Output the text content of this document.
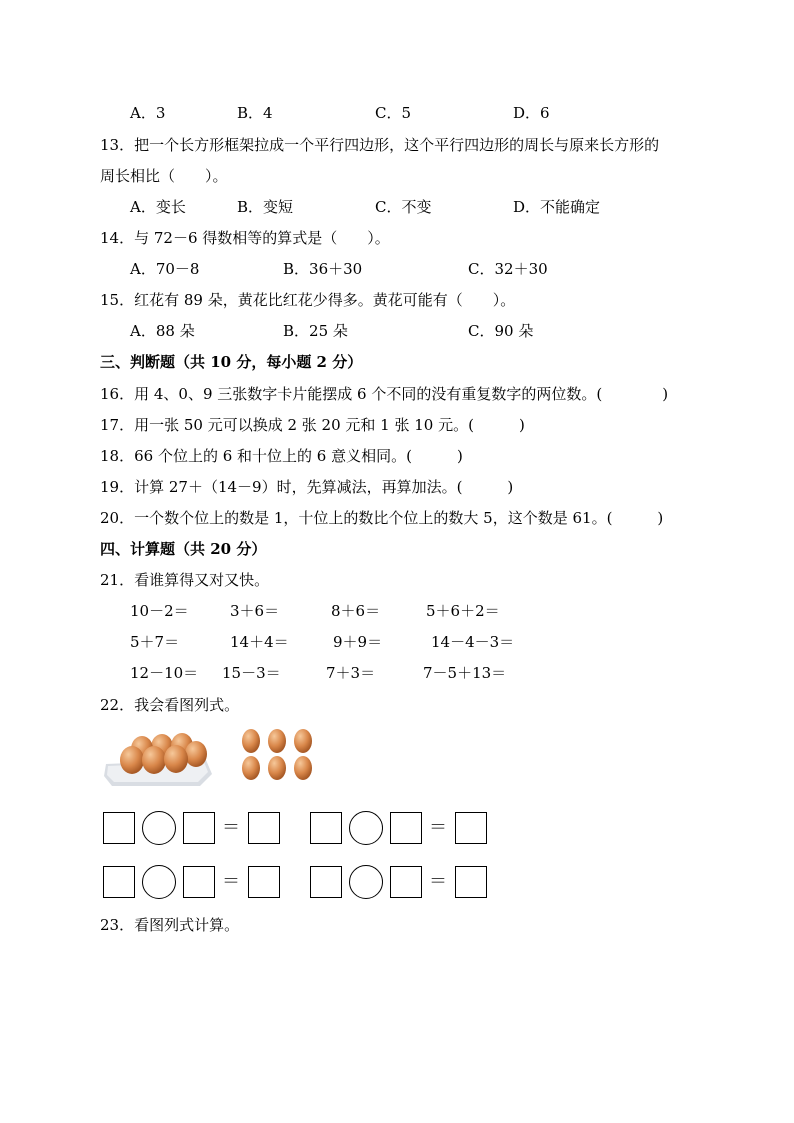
A．3	B．4	C．5	D．6
13．把一个长方形框架拉成一个平行四边形，这个平行四边形的周长与原来长方形的
周长相比（　　）。
A．变长	B．变短	C．不变	D．不能确定
14．与 72－6 得数相等的算式是（　　）。
A．70－8	B．36＋30	C．32＋30
15．红花有 89 朵，黄花比红花少得多。黄花可能有（　　）。
A．88 朵	B．25 朵	C．90 朵
三、判断题（共 10 分，每小题 2 分）
16．用 4、0、9 三张数字卡片能摆成 6 个不同的没有重复数字的两位数。(　　　　)
17．用一张 50 元可以换成 2 张 20 元和 1 张 10 元。(　　　)
18．66 个位上的 6 和十位上的 6 意义相同。(　　　)
19．计算 27＋（14－9）时，先算减法，再算加法。(　　　)
20．一个数个位上的数是 1，十位上的数比个位上的数大 5，这个数是 61。(　　　)
四、计算题（共 20 分）
21．看谁算得又对又快。
10－2＝	3＋6＝	8＋6＝	5＋6＋2＝
5＋7＝	14＋4＝	9＋9＝	14－4－3＝
12－10＝ 15－3＝	7＋3＝	7－5＋13＝
22．我会看图列式。
＝	＝
＝	＝
23．看图列式计算。
